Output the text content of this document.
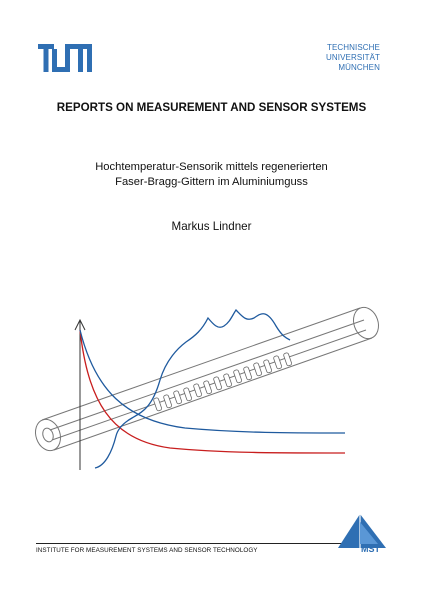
TECHNISCHE
UNIVERSITÄT
MÜNCHEN
REPORTS ON MEASUREMENT AND SENSOR SYSTEMS
Hochtemperatur-Sensorik mittels regenerierten
Faser-Bragg-Gittern im Aluminiumguss
Markus Lindner
INSTITUTE FOR MEASUREMENT SYSTEMS AND SENSOR TECHNOLOGY	MST
